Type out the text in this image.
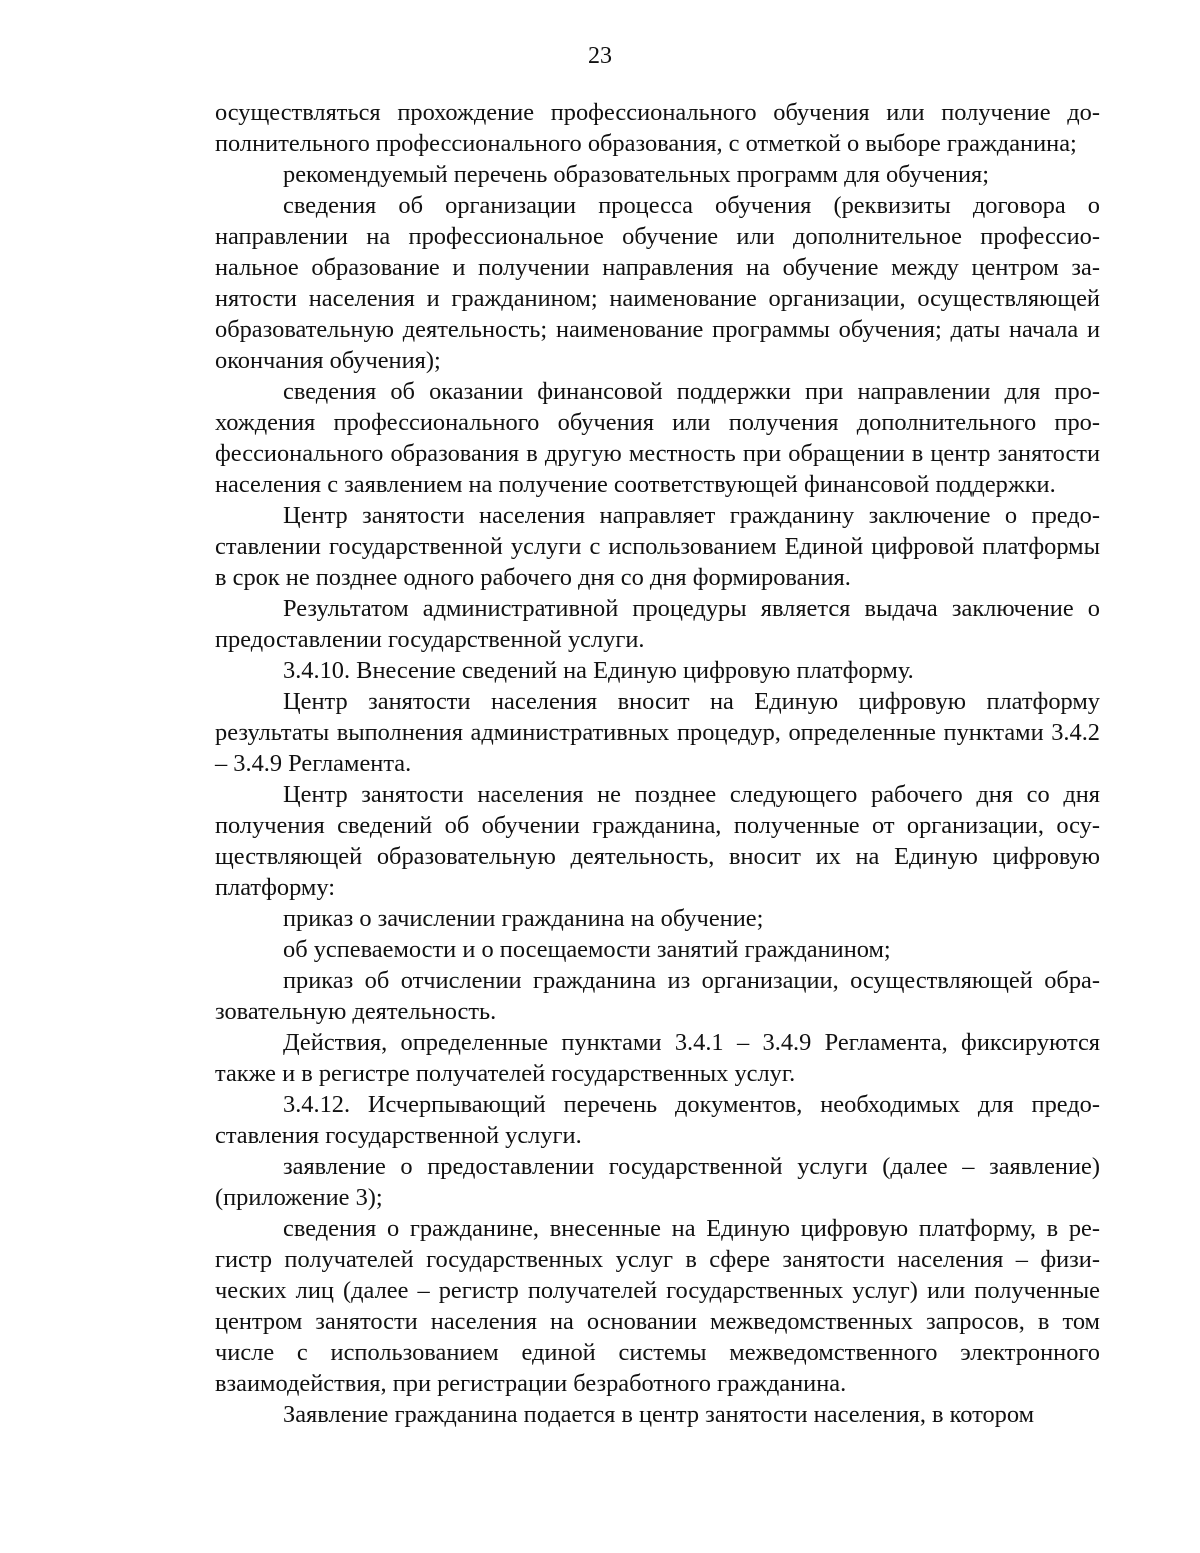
23

осуществляться прохождение профессионального обучения или получение дополнительного профессионального образования, с отметкой о выборе гражданина;

рекомендуемый перечень образовательных программ для обучения;

сведения об организации процесса обучения (реквизиты договора о направлении на профессиональное обучение или дополнительное профессиональное образование и получении направления на обучение между центром занятости населения и гражданином; наименование организации, осуществляющей образовательную деятельность; наименование программы обучения; даты начала и окончания обучения);

сведения об оказании финансовой поддержки при направлении для прохождения профессионального обучения или получения дополнительного профессионального образования в другую местность при обращении в центр занятости населения с заявлением на получение соответствующей финансовой поддержки.

Центр занятости населения направляет гражданину заключение о предоставлении государственной услуги с использованием Единой цифровой платформы в срок не позднее одного рабочего дня со дня формирования.

Результатом административной процедуры является выдача заключение о предоставлении государственной услуги.

3.4.10. Внесение сведений на Единую цифровую платформу.

Центр занятости населения вносит на Единую цифровую платформу результаты выполнения административных процедур, определенные пунктами 3.4.2 – 3.4.9 Регламента.

Центр занятости населения не позднее следующего рабочего дня со дня получения сведений об обучении гражданина, полученные от организации, осуществляющей образовательную деятельность, вносит их на Единую цифровую платформу:

приказ о зачислении гражданина на обучение;

об успеваемости и о посещаемости занятий гражданином;

приказ об отчислении гражданина из организации, осуществляющей образовательную деятельность.

Действия, определенные пунктами 3.4.1 – 3.4.9 Регламента, фиксируются также и в регистре получателей государственных услуг.

3.4.12. Исчерпывающий перечень документов, необходимых для предоставления государственной услуги.

заявление о предоставлении государственной услуги (далее – заявление) (приложение 3);

сведения о гражданине, внесенные на Единую цифровую платформу, в регистр получателей государственных услуг в сфере занятости населения – физических лиц (далее – регистр получателей государственных услуг) или полученные центром занятости населения на основании межведомственных запросов, в том числе с использованием единой системы межведомственного электронного взаимодействия, при регистрации безработного гражданина.

Заявление гражданина подается в центр занятости населения, в котором
